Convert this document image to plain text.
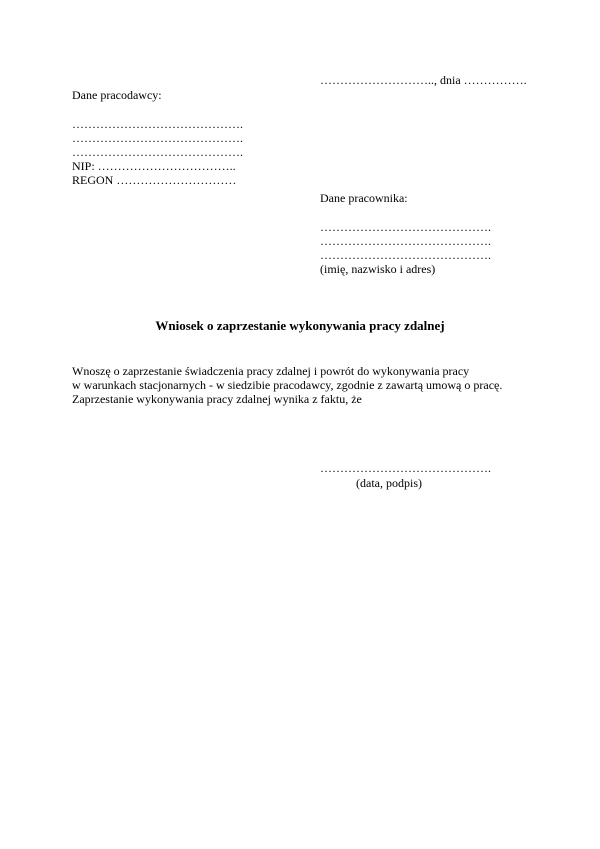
……………………….., dnia …………….
Dane pracodawcy:
…………………………………….
…………………………………….
…………………………………….
NIP: ……………………………..
REGON …………………………
Dane pracownika:
…………………………………….
…………………………………….
…………………………………….
(imię, nazwisko i adres)
Wniosek o zaprzestanie wykonywania pracy zdalnej
Wnoszę o zaprzestanie świadczenia pracy zdalnej i powrót do wykonywania pracy
w warunkach stacjonarnych - w siedzibie pracodawcy, zgodnie z zawartą umową o pracę.
Zaprzestanie wykonywania pracy zdalnej wynika z faktu, że
…………………………………….
(data, podpis)
